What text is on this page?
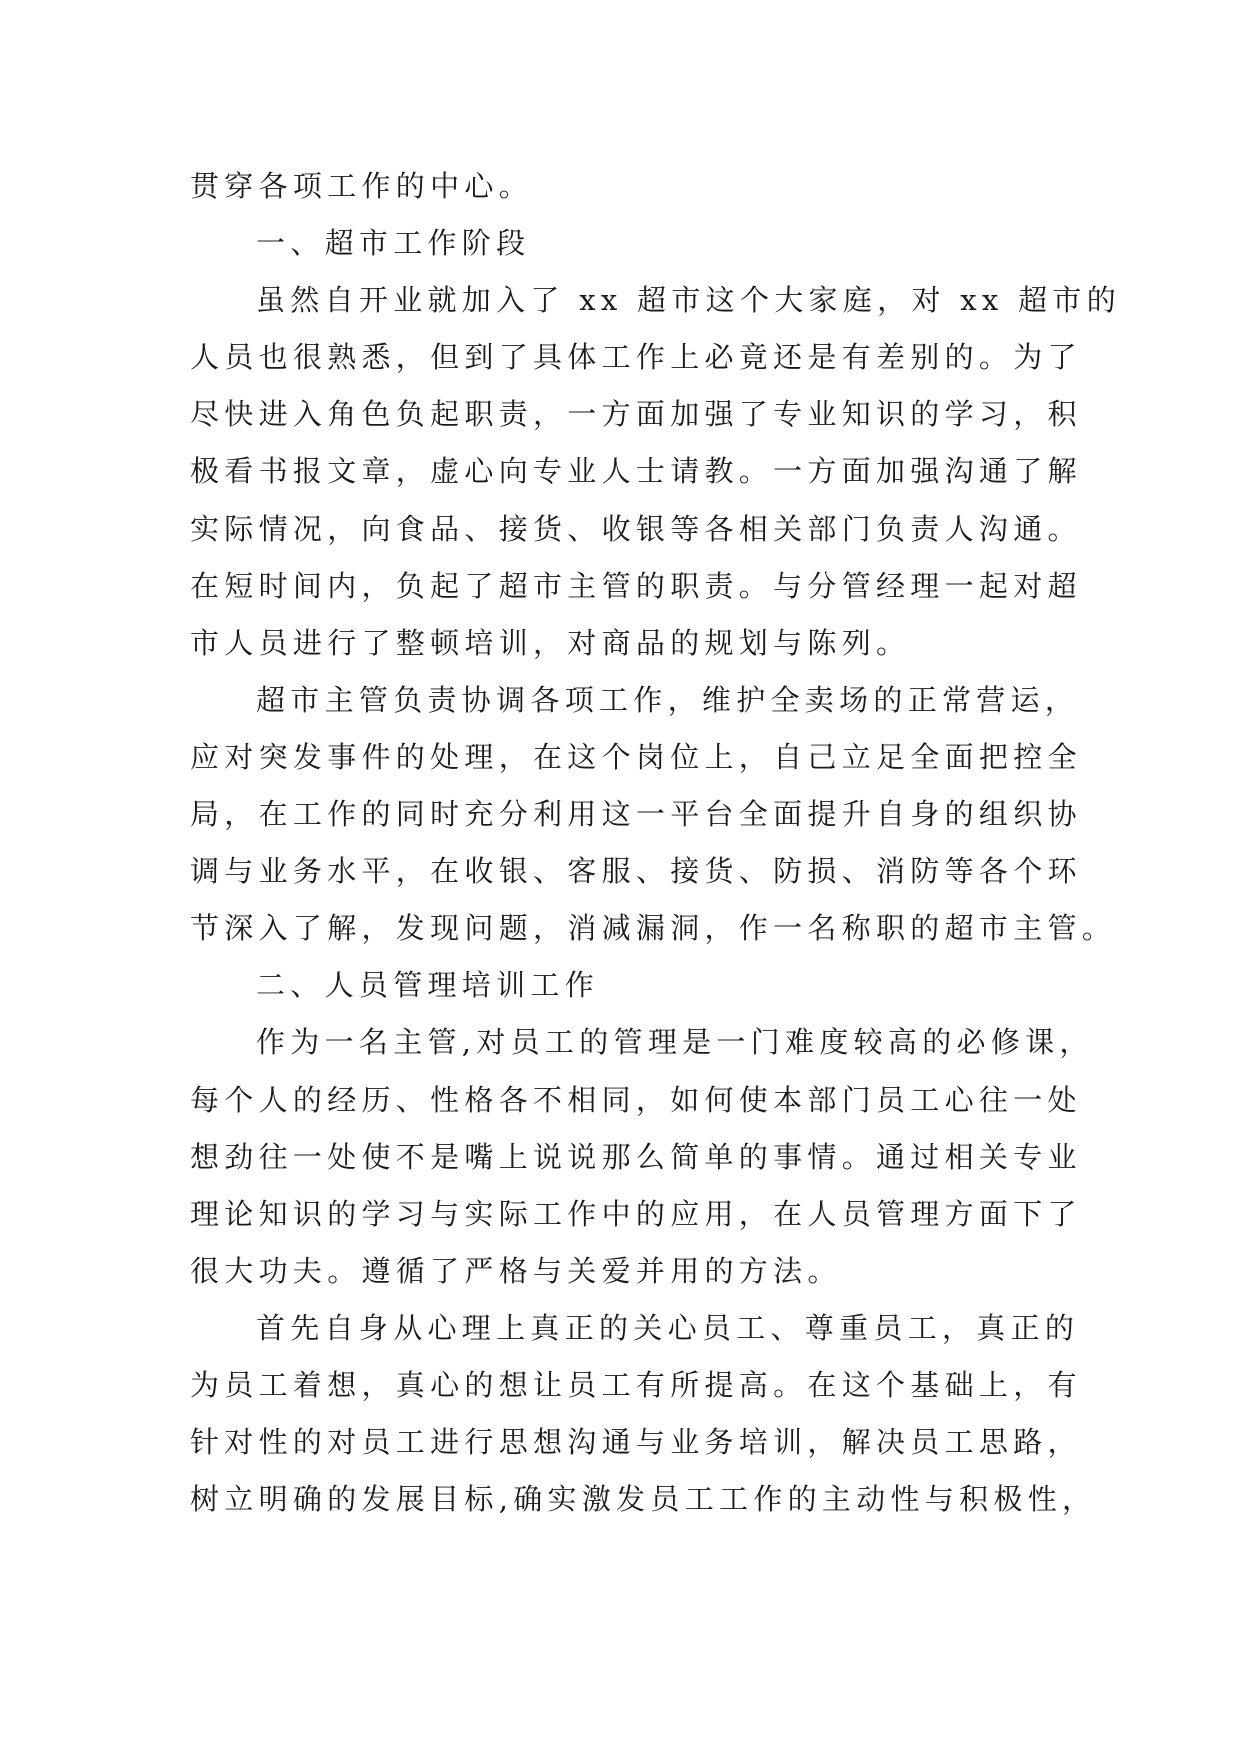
贯穿各项工作的中心。
一、超市工作阶段
虽然自开业就加入了 xx 超市这个大家庭，对 xx 超市的
人员也很熟悉，但到了具体工作上必竟还是有差别的。为了
尽快进入角色负起职责，一方面加强了专业知识的学习，积
极看书报文章，虚心向专业人士请教。一方面加强沟通了解
实际情况，向食品、接货、收银等各相关部门负责人沟通。
在短时间内，负起了超市主管的职责。与分管经理一起对超
市人员进行了整顿培训，对商品的规划与陈列。
超市主管负责协调各项工作，维护全卖场的正常营运，
应对突发事件的处理，在这个岗位上，自己立足全面把控全
局，在工作的同时充分利用这一平台全面提升自身的组织协
调与业务水平，在收银、客服、接货、防损、消防等各个环
节深入了解，发现问题，消减漏洞，作一名称职的超市主管。
二、人员管理培训工作
作为一名主管,对员工的管理是一门难度较高的必修课，
每个人的经历、性格各不相同，如何使本部门员工心往一处
想劲往一处使不是嘴上说说那么简单的事情。通过相关专业
理论知识的学习与实际工作中的应用，在人员管理方面下了
很大功夫。遵循了严格与关爱并用的方法。
首先自身从心理上真正的关心员工、尊重员工，真正的
为员工着想，真心的想让员工有所提高。在这个基础上，有
针对性的对员工进行思想沟通与业务培训，解决员工思路，
树立明确的发展目标,确实激发员工工作的主动性与积极性，
